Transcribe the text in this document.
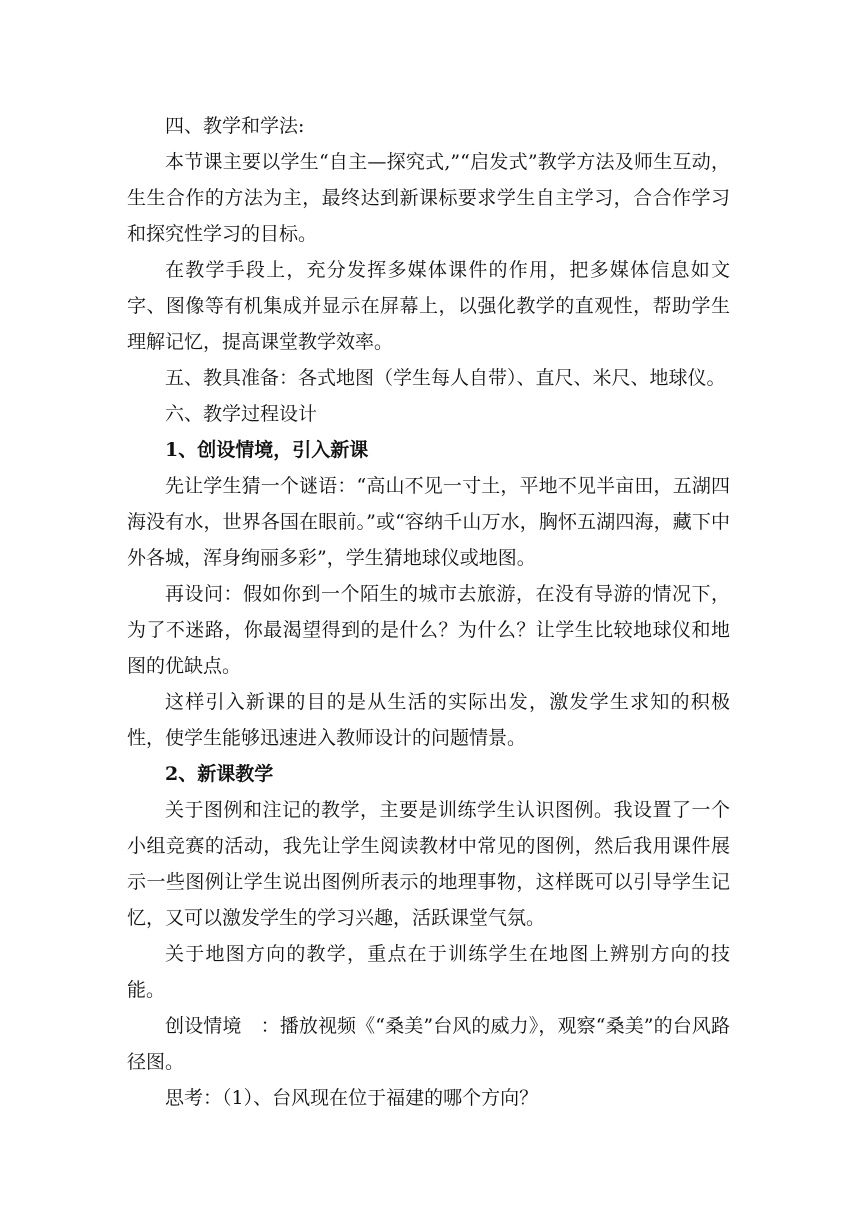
四、教学和学法:

本节课主要以学生“自主—探究式,”“启发式”教学方法及师生互动，生生合作的方法为主，最终达到新课标要求学生自主学习，合合作学习和探究性学习的目标。

在教学手段上，充分发挥多媒体课件的作用，把多媒体信息如文字、图像等有机集成并显示在屏幕上，以强化教学的直观性，帮助学生理解记忆，提高课堂教学效率。

五、教具准备：各式地图（学生每人自带）、直尺、米尺、地球仪。

六、教学过程设计

1、创设情境，引入新课

先让学生猜一个谜语：“高山不见一寸土，平地不见半亩田，五湖四海没有水，世界各国在眼前。”或“容纳千山万水，胸怀五湖四海，藏下中外各城，浑身绚丽多彩”，学生猜地球仪或地图。

再设问：假如你到一个陌生的城市去旅游，在没有导游的情况下，为了不迷路，你最渴望得到的是什么？为什么？让学生比较地球仪和地图的优缺点。

这样引入新课的目的是从生活的实际出发，激发学生求知的积极性，使学生能够迅速进入教师设计的问题情景。

2、新课教学

关于图例和注记的教学，主要是训练学生认识图例。我设置了一个小组竞赛的活动，我先让学生阅读教材中常见的图例，然后我用课件展示一些图例让学生说出图例所表示的地理事物，这样既可以引导学生记忆，又可以激发学生的学习兴趣，活跃课堂气氛。

关于地图方向的教学，重点在于训练学生在地图上辨别方向的技能。

创设情境　：播放视频《“桑美”台风的威力》，观察“桑美”的台风路径图。

思考：（1）、台风现在位于福建的哪个方向？
